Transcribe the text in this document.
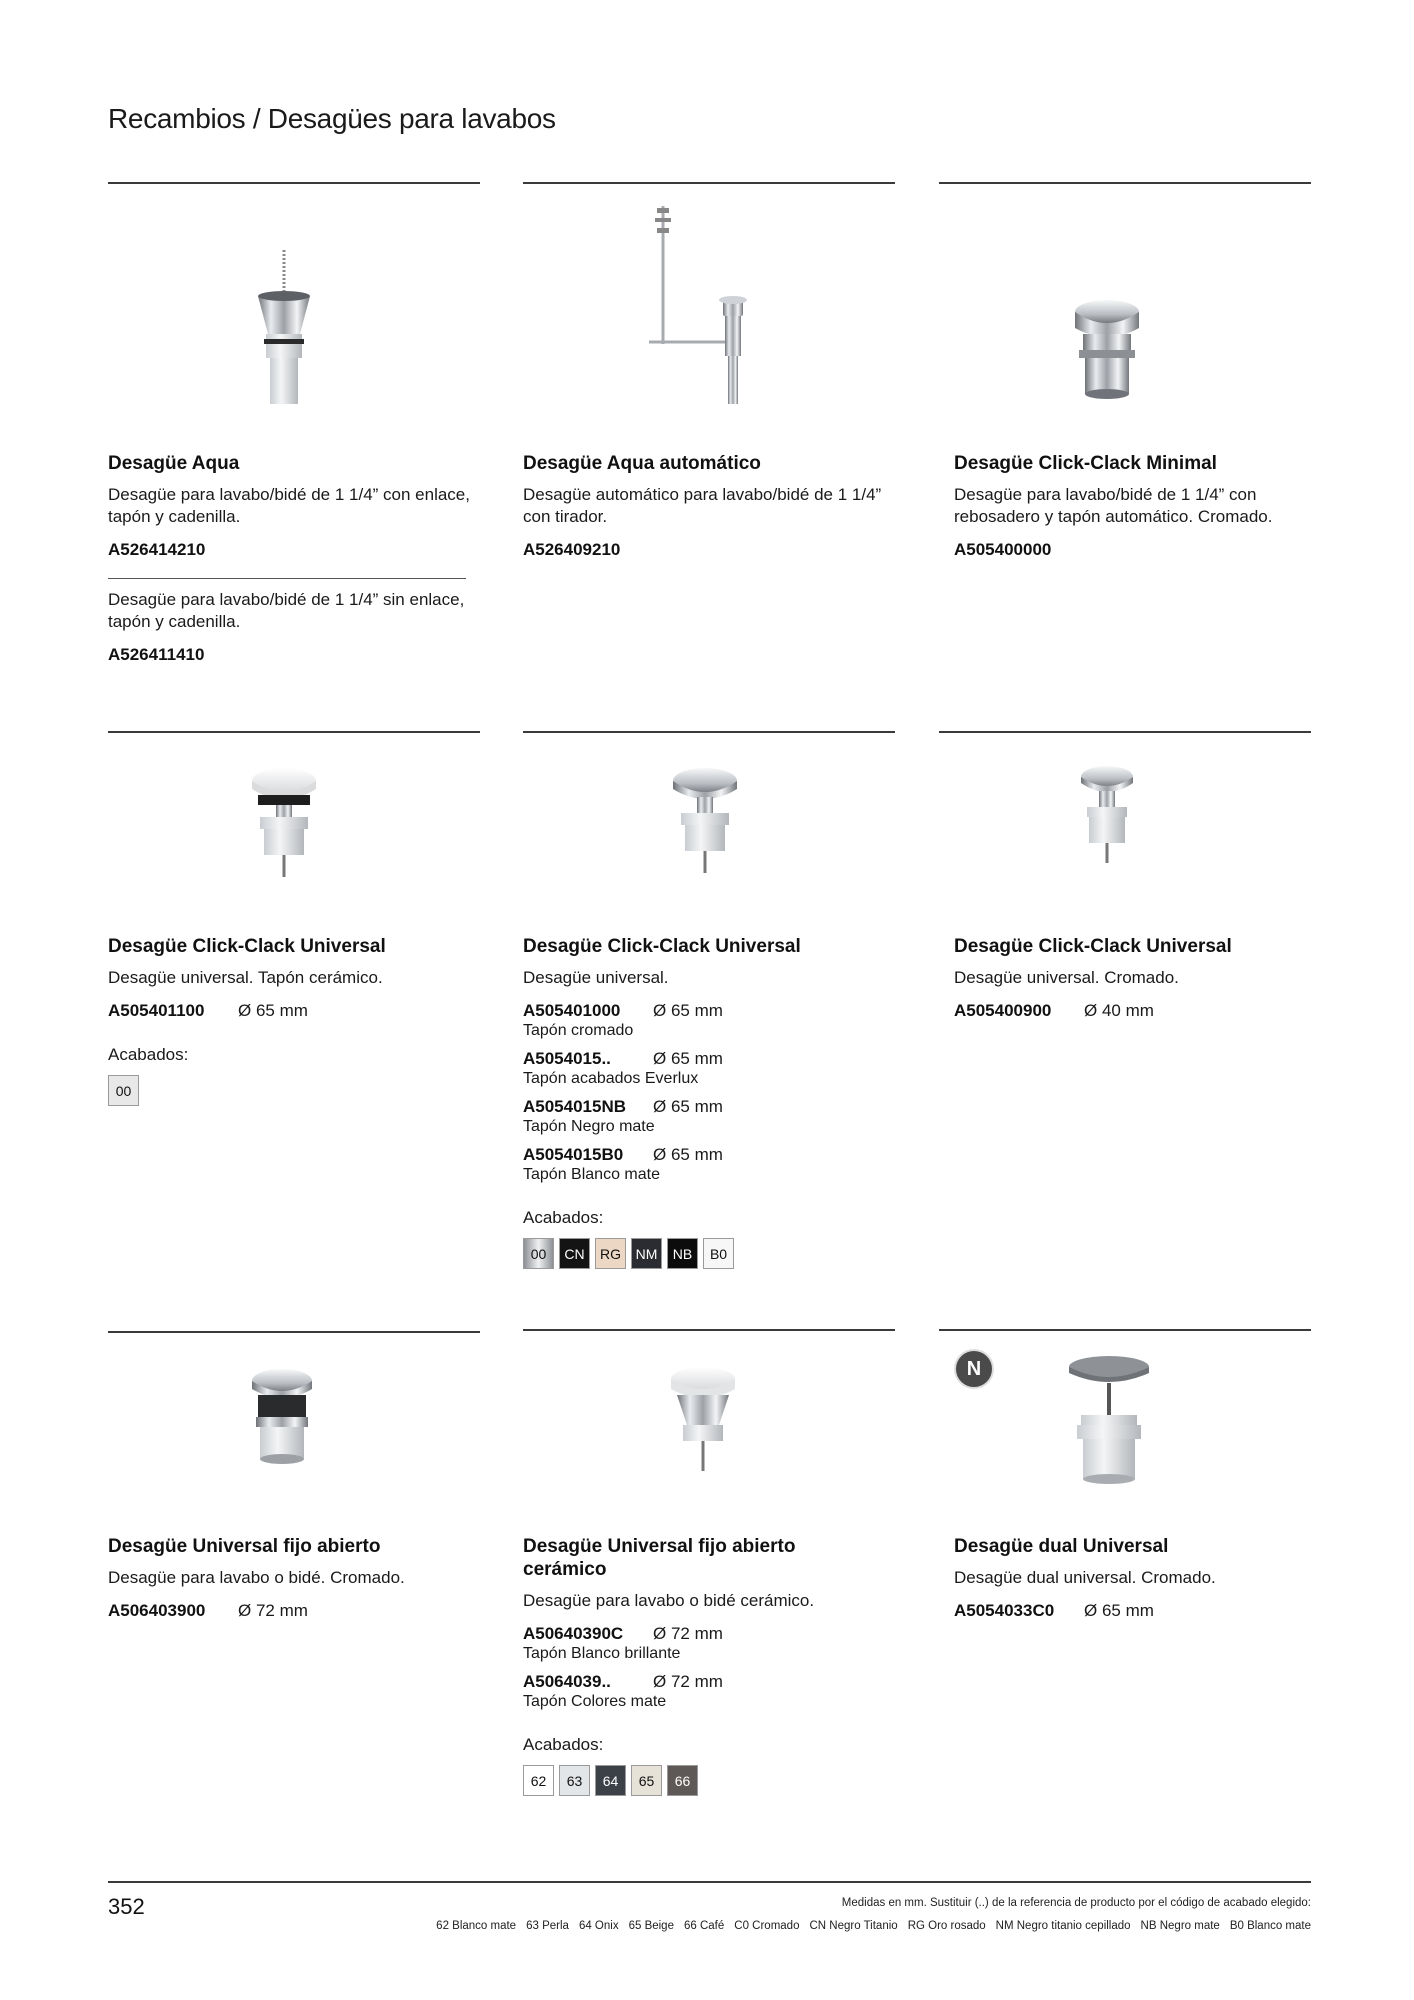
Recambios / Desagües para lavabos
Desagüe Aqua
Desagüe para lavabo/bidé de 1 1/4” con enlace, tapón y cadenilla.
A526414210
Desagüe para lavabo/bidé de 1 1/4” sin enlace, tapón y cadenilla.
A526411410
Desagüe Aqua automático
Desagüe automático para lavabo/bidé de 1 1/4” con tirador.
A526409210
Desagüe Click-Clack Minimal
Desagüe para lavabo/bidé de 1 1/4” con rebosadero y tapón automático. Cromado.
A505400000
Desagüe Click-Clack Universal
Desagüe universal. Tapón cerámico.
A505401100	Ø 65 mm
Acabados:
00
Desagüe Click-Clack Universal
Desagüe universal.
A505401000	Ø 65 mm
Tapón cromado
A5054015..	Ø 65 mm
Tapón acabados Everlux
A5054015NB	Ø 65 mm
Tapón Negro mate
A5054015B0	Ø 65 mm
Tapón Blanco mate
Acabados:
00	CN	RG	NM	NB	B0
Desagüe Click-Clack Universal
Desagüe universal. Cromado.
A505400900	Ø 40 mm
Desagüe Universal fijo abierto
Desagüe para lavabo o bidé. Cromado.
A506403900	Ø 72 mm
Desagüe Universal fijo abierto cerámico
Desagüe para lavabo o bidé cerámico.
A50640390C	Ø 72 mm
Tapón Blanco brillante
A5064039..	Ø 72 mm
Tapón Colores mate
Acabados:
62	63	64	65	66
N
Desagüe dual Universal
Desagüe dual universal. Cromado.
A5054033C0	Ø 65 mm
352	Medidas en mm. Sustituir (..) de la referencia de producto por el código de acabado elegido:
62 Blanco mate 63 Perla 64 Onix 65 Beige 66 Café C0 Cromado CN Negro Titanio RG Oro rosado NM Negro titanio cepillado NB Negro mate B0 Blanco mate
